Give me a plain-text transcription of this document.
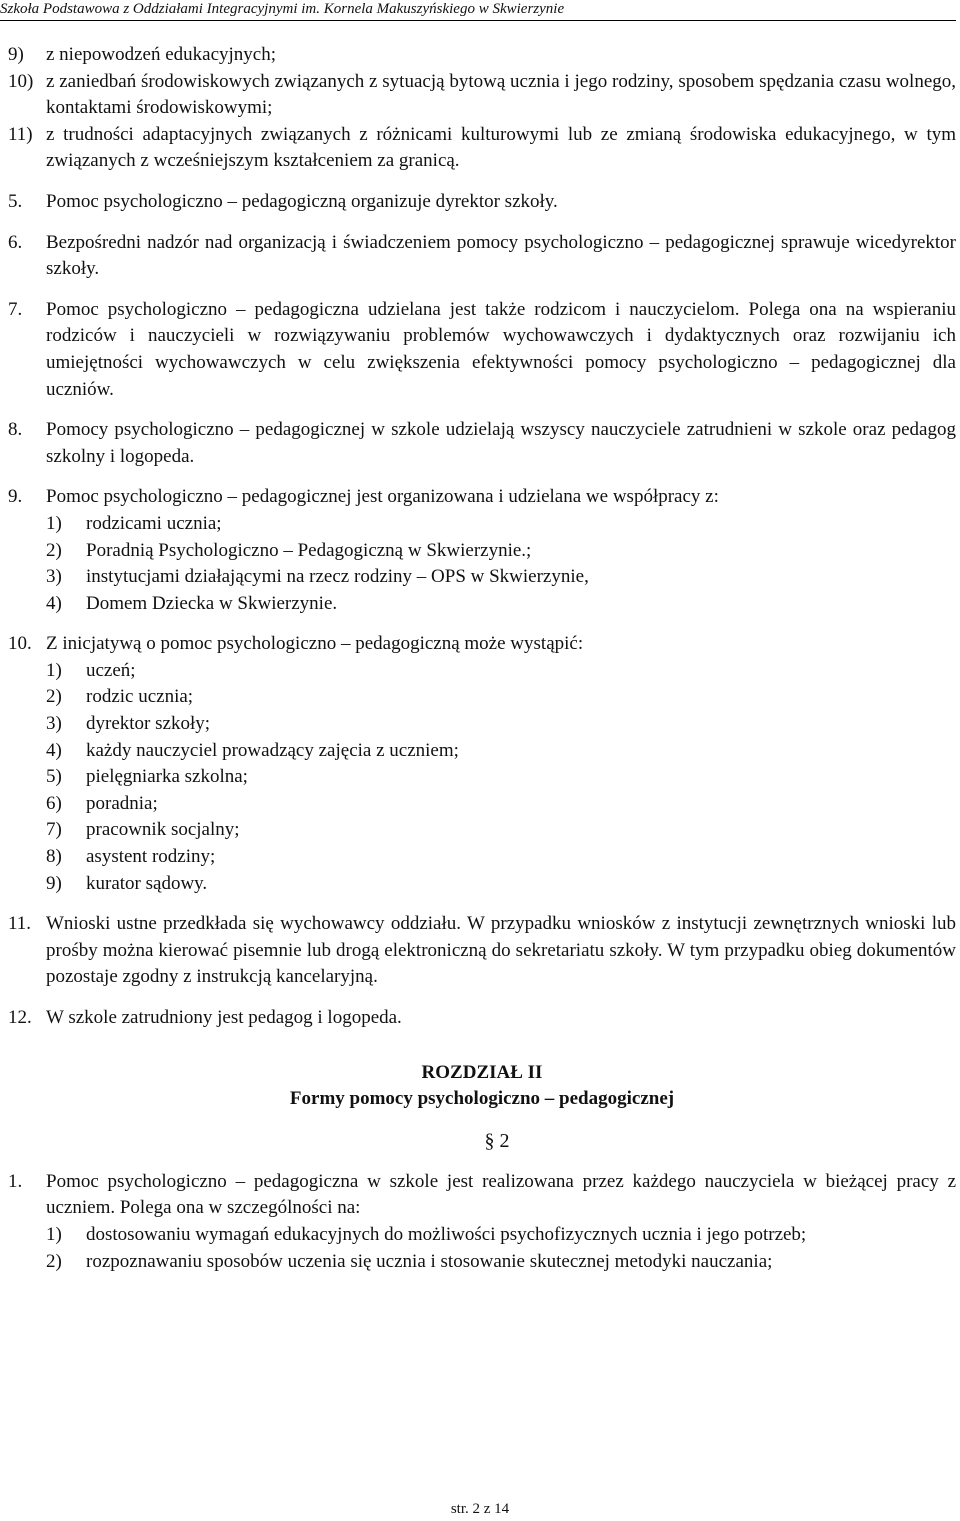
Szkoła Podstawowa z Oddziałami Integracyjnymi im. Kornela Makuszyńskiego w Skwierzynie
9)	z niepowodzeń edukacyjnych;
10) z zaniedbań środowiskowych związanych z sytuacją bytową ucznia i jego rodziny, sposobem spędzania czasu wolnego, kontaktami środowiskowymi;
11) z trudności adaptacyjnych związanych z różnicami kulturowymi lub ze zmianą środowiska edukacyjnego, w tym związanych z wcześniejszym kształceniem za granicą.
5.	Pomoc psychologiczno – pedagogiczną organizuje dyrektor szkoły.
6.	Bezpośredni nadzór nad organizacją i świadczeniem pomocy psychologiczno – pedagogicznej sprawuje wicedyrektor szkoły.
7.	Pomoc psychologiczno – pedagogiczna udzielana jest także rodzicom i nauczycielom. Polega ona na wspieraniu rodziców i nauczycieli w rozwiązywaniu problemów wychowawczych i dydaktycznych oraz rozwijaniu ich umiejętności wychowawczych w celu zwiększenia efektywności pomocy psychologiczno – pedagogicznej dla uczniów.
8.	Pomocy psychologiczno – pedagogicznej w szkole udzielają wszyscy nauczyciele zatrudnieni w szkole oraz pedagog szkolny i logopeda.
9.	Pomoc psychologiczno – pedagogicznej jest organizowana i udzielana we współpracy z:
1)	rodzicami ucznia;
2)	Poradnią Psychologiczno – Pedagogiczną w Skwierzynie.;
3)	instytucjami działającymi na rzecz rodziny – OPS w Skwierzynie,
4)	Domem Dziecka w Skwierzynie.
10. Z inicjatywą o pomoc psychologiczno – pedagogiczną może wystąpić:
1)	uczeń;
2)	rodzic ucznia;
3)	dyrektor szkoły;
4)	każdy nauczyciel prowadzący zajęcia z uczniem;
5)	pielęgniarka szkolna;
6)	poradnia;
7)	pracownik socjalny;
8)	asystent rodziny;
9)	kurator sądowy.
11. Wnioski ustne przedkłada się wychowawcy oddziału. W przypadku wniosków z instytucji zewnętrznych wnioski lub prośby można kierować pisemnie lub drogą elektroniczną do sekretariatu szkoły. W tym przypadku obieg dokumentów pozostaje zgodny z instrukcją kancelaryjną.
12. W szkole zatrudniony jest pedagog i logopeda.
ROZDZIAŁ II
Formy pomocy psychologiczno – pedagogicznej
§ 2
1.	Pomoc psychologiczno – pedagogiczna w szkole jest realizowana przez każdego nauczyciela w bieżącej pracy z uczniem. Polega ona w szczególności na:
1)	dostosowaniu wymagań edukacyjnych do możliwości psychofizycznych ucznia i jego potrzeb;
2)	rozpoznawaniu sposobów uczenia się ucznia i stosowanie skutecznej metodyki nauczania;
str. 2 z 14
